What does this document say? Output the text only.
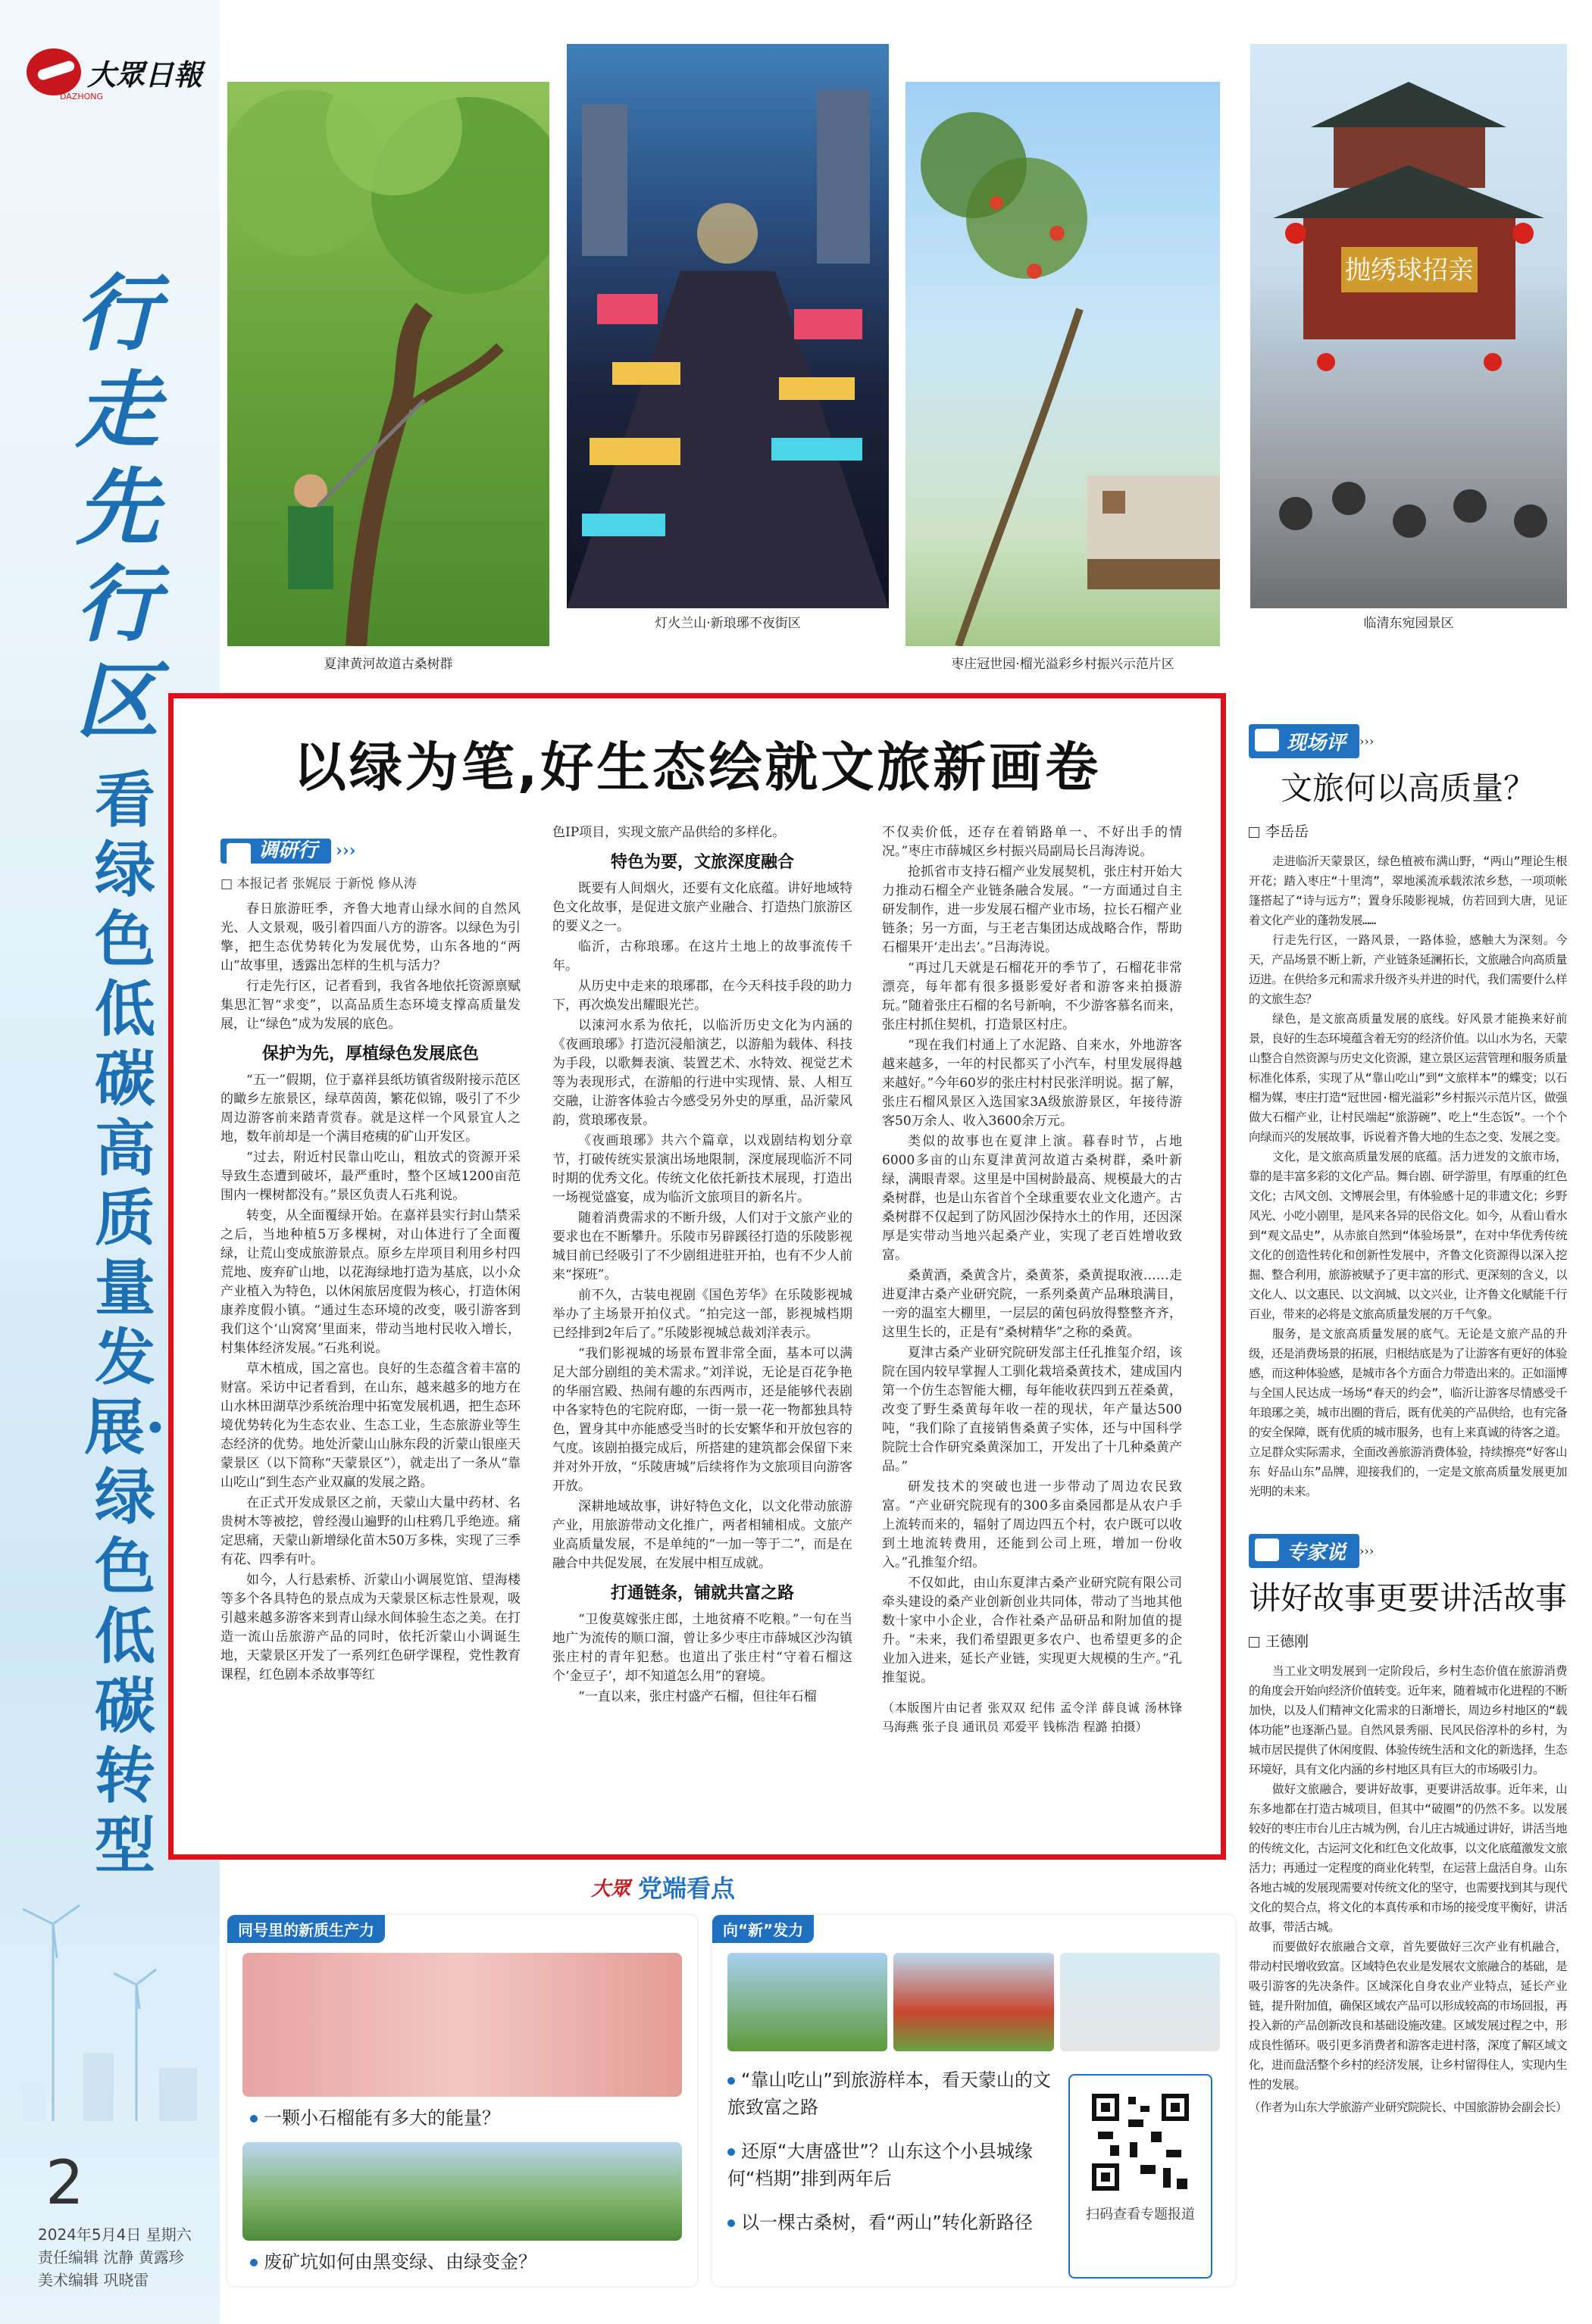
大眾日報
DAZHONG
行走先行区
看绿色低碳高质量发展·绿色低碳转型
2
2024年5月4日 星期六
责任编辑 沈静 黄露珍
美术编辑 巩晓雷
夏津黄河故道古桑树群
灯火兰山·新琅琊不夜街区
枣庄冠世园·榴光溢彩乡村振兴示范片区
抛绣球招亲
临清东宛园景区
以绿为笔,好生态绘就文旅新画卷
调研行	›››
□ 本报记者 张娓辰 于新悦 修从涛

春日旅游旺季，齐鲁大地青山绿水间的自然风光、人文景观，吸引着四面八方的游客。以绿色为引擎，把生态优势转化为发展优势，山东各地的“两山”故事里，透露出怎样的生机与活力？

行走先行区，记者看到，我省各地依托资源禀赋集思汇智“求变”，以高品质生态环境支撑高质量发展，让“绿色”成为发展的底色。

保护为先，厚植绿色发展底色

“五一”假期，位于嘉祥县纸坊镇省级附接示范区的瞰乡左旅景区，绿草茵茵，繁花似锦，吸引了不少周边游客前来踏青赏春。就是这样一个风景宜人之地，数年前却是一个满目疮痍的矿山开发区。

“过去，附近村民靠山吃山，粗放式的资源开采导致生态遭到破坏，最严重时，整个区域1200亩范围内一棵树都没有。”景区负责人石兆利说。

转变，从全面覆绿开始。在嘉祥县实行封山禁采之后，当地种植5万多棵树，对山体进行了全面覆绿，让荒山变成旅游景点。原乡左岸项目利用乡村四荒地、废弃矿山地，以花海绿地打造为基底，以小众产业植入为特色，以休闲旅居度假为核心，打造休闲康养度假小镇。“通过生态环境的改变，吸引游客到我们这个‘山窝窝’里面来，带动当地村民收入增长，村集体经济发展。”石兆利说。

草木植成，国之富也。良好的生态蕴含着丰富的财富。采访中记者看到，在山东，越来越多的地方在山水林田湖草沙系统治理中拓宽发展机遇，把生态环境优势转化为生态农业、生态工业，生态旅游业等生态经济的优势。地处沂蒙山山脉东段的沂蒙山银座天蒙景区（以下简称“天蒙景区”），就走出了一条从“靠山吃山”到生态产业双赢的发展之路。

在正式开发成景区之前，天蒙山大量中药材、名贵树木等被挖，曾经漫山遍野的山柱鸦几乎绝迹。痛定思痛，天蒙山新增绿化苗木50万多株，实现了三季有花、四季有叶。

如今，人行悬索桥、沂蒙山小调展览馆、望海楼等多个各具特色的景点成为天蒙景区标志性景观，吸引越来越多游客来到青山绿水间体验生态之美。在打造一流山岳旅游产品的同时，依托沂蒙山小调诞生地，天蒙景区开发了一系列红色研学课程，党性教育课程，红色剧本杀故事等红

色IP项目，实现文旅产品供给的多样化。

特色为要，文旅深度融合

既要有人间烟火，还要有文化底蕴。讲好地域特色文化故事，是促进文旅产业融合、打造热门旅游区的要义之一。

临沂，古称琅琊。在这片土地上的故事流传千年。

从历史中走来的琅琊郡，在今天科技手段的助力下，再次焕发出耀眼光芒。

以涑河水系为依托，以临沂历史文化为内涵的《夜画琅琊》打造沉浸船演艺，以游船为载体、科技为手段，以歌舞表演、装置艺术、水特效、视觉艺术等为表现形式，在游船的行进中实现情、景、人相互交融，让游客体验古今感受另外史的厚重，品沂蒙风韵，赏琅琊夜景。

《夜画琅琊》共六个篇章，以戏剧结构划分章节，打破传统实景演出场地限制，深度展现临沂不同时期的优秀文化。传统文化依托新技术展现，打造出一场视觉盛宴，成为临沂文旅项目的新名片。

随着消费需求的不断升级，人们对于文旅产业的要求也在不断攀升。乐陵市另辟蹊径打造的乐陵影视城目前已经吸引了不少剧组进驻开拍，也有不少人前来“探班”。

前不久，古装电视剧《国色芳华》在乐陵影视城举办了主场景开拍仪式。“拍完这一部，影视城档期已经排到2年后了。”乐陵影视城总裁刘洋表示。

“我们影视城的场景布置非常全面，基本可以满足大部分剧组的美术需求。”刘洋说，无论是百花争艳的华丽宫殿、热闹有趣的东西两市，还是能够代表剧中各家特色的宅院府邸，一街一景一花一物都独具特色，置身其中亦能感受当时的长安繁华和开放包容的气度。该剧拍摄完成后，所搭建的建筑都会保留下来并对外开放，“乐陵唐城”后续将作为文旅项目向游客开放。

深耕地域故事，讲好特色文化，以文化带动旅游产业，用旅游带动文化推广，两者相辅相成。文旅产业高质量发展，不是单纯的“一加一等于二”，而是在融合中共促发展，在发展中相互成就。

打通链条，铺就共富之路

“卫俊莫嫁张庄郎，土地贫瘠不吃粮。”一句在当地广为流传的顺口溜，曾让多少枣庄市薛城区沙沟镇张庄村的青年犯愁。也道出了张庄村“守着石榴这个‘金豆子’，却不知道怎么用”的窘境。

“一直以来，张庄村盛产石榴，但往年石榴

不仅卖价低，还存在着销路单一、不好出手的情况。”枣庄市薛城区乡村振兴局副局长吕海涛说。

抢抓省市支持石榴产业发展契机，张庄村开始大力推动石榴全产业链条融合发展。“一方面通过自主研发制作，进一步发展石榴产业市场，拉长石榴产业链条；另一方面，与王老吉集团达成战略合作，帮助石榴果开‘走出去’。”吕海涛说。

“再过几天就是石榴花开的季节了，石榴花非常漂亮，每年都有很多摄影爱好者和游客来拍摄游玩。”随着张庄石榴的名号新响，不少游客慕名而来，张庄村抓住契机，打造景区村庄。

“现在我们村通上了水泥路、自来水，外地游客越来越多，一年的村民都买了小汽车，村里发展得越来越好。”今年60岁的张庄村村民张洋明说。据了解，张庄石榴风景区入选国家3A级旅游景区，年接待游客50万余人、收入3600余万元。

类似的故事也在夏津上演。暮春时节，占地6000多亩的山东夏津黄河故道古桑树群，桑叶新绿，满眼青翠。这里是中国树龄最高、规模最大的古桑树群，也是山东省首个全球重要农业文化遗产。古桑树群不仅起到了防风固沙保持水土的作用，还因深厚是实带动当地兴起桑产业，实现了老百姓增收致富。

桑黄酒，桑黄含片，桑黄茶，桑黄提取液……走进夏津古桑产业研究院，一系列桑黄产品琳琅满目，一旁的温室大棚里，一层层的菌包码放得整整齐齐，这里生长的，正是有“桑树精华”之称的桑黄。

夏津古桑产业研究院研发部主任孔推玺介绍，该院在国内较早掌握人工驯化栽培桑黄技术，建成国内第一个仿生态智能大棚，每年能收获四到五茬桑黄，改变了野生桑黄每年收一茬的现状，年产量达500吨，“我们除了直接销售桑黄子实体，还与中国科学院院士合作研究桑黄深加工，开发出了十几种桑黄产品。”

研发技术的突破也进一步带动了周边农民致富。“产业研究院现有的300多亩桑园都是从农户手上流转而来的，辐射了周边四五个村，农户既可以收到土地流转费用，还能到公司上班，增加一份收入。”孔推玺介绍。

不仅如此，由山东夏津古桑产业研究院有限公司牵头建设的桑产业创新创业共同体，带动了当地其他数十家中小企业，合作社桑产品研品和附加值的提升。“未来，我们希望跟更多农户、也希望更多的企业加入进来，延长产业链，实现更大规模的生产。”孔推玺说。

（本版图片由记者 张双双 纪伟 孟令洋 薛良诚 汤林锋 马海燕 张子良 通讯员 邓爱平 钱栋浩 程潞 拍摄）

现场评	›››
文旅何以高质量？
李岳岳

走进临沂天蒙景区，绿色植被布满山野，“两山”理论生根开花；踏入枣庄“十里湾”，翠地溪流承载浓浓乡愁，一项项帐篷搭起了“诗与远方”；置身乐陵影视城，仿若回到大唐，见证着文化产业的蓬勃发展……

行走先行区，一路风景，一路体验，感触大为深刻。今天，产品场景不断上新，产业链条延澜拓长，文旅融合向高质量迈进。在供给多元和需求升级齐头并进的时代，我们需要什么样的文旅生态？

绿色，是文旅高质量发展的底线。好风景才能换来好前景，良好的生态环境蕴含着无穷的经济价值。以山水为名，天蒙山整合自然资源与历史文化资源，建立景区运营管理和服务质量标准化体系，实现了从“靠山吃山”到“文旅样本”的蝶变；以石榴为媒，枣庄打造“冠世园·榴光溢彩”乡村振兴示范片区，做强做大石榴产业，让村民端起“旅游碗”、吃上“生态饭”。一个个向绿而兴的发展故事，诉说着齐鲁大地的生态之变、发展之变。

文化，是文旅高质量发展的底蕴。活力迸发的文旅市场，靠的是丰富多彩的文化产品。舞台剧、研学游里，有厚重的红色文化；古风文创、文博展会里，有体验感十足的非遗文化；乡野风光、小吃小剧里，是风来各异的民俗文化。如今，从看山看水到“观文品史”，从赤旅自然到“体验场景”，在对中华优秀传统文化的创造性转化和创新性发展中，齐鲁文化资源得以深入挖掘、整合利用，旅游被赋予了更丰富的形式、更深刻的含义，以文化人、以文惠民、以文润城、以文兴业，让齐鲁文化赋能千行百业，带来的必将是文旅高质量发展的万千气象。

服务，是文旅高质量发展的底气。无论是文旅产品的升级，还是消费场景的拓展，归根结底是为了让游客有更好的体验感，而这种体验感，是城市各个方面合力带造出来的。正如淄博与全国人民达成一场场“春天的约会”，临沂让游客尽情感受千年琅琊之美，城市出圈的背后，既有优美的产品供给，也有完备的安全保障，既有优质的城市服务，也有上来真诚的待客之道。立足群众实际需求，全面改善旅游消费体验，持续擦亮“好客山东 好品山东”品牌，迎接我们的，一定是文旅高质量发展更加光明的未来。

专家说	›››
讲好故事更要讲活故事
王德刚

当工业文明发展到一定阶段后，乡村生态价值在旅游消费的角度会开始向经济价值转变。近年来，随着城市化进程的不断加快，以及人们精神文化需求的日渐增长，周边乡村地区的“载体功能”也逐渐凸显。自然风景秀丽、民风民俗淳朴的乡村，为城市居民提供了休闲度假、体验传统生活和文化的新选择，生态环境好，具有文化内涵的乡村地区具有巨大的市场吸引力。

做好文旅融合，要讲好故事，更要讲活故事。近年来，山东多地都在打造古城项目，但其中“破圈”的仍然不多。以发展较好的枣庄市台儿庄古城为例，台儿庄古城通过讲好，讲活当地的传统文化，古运河文化和红色文化故事，以文化底蕴激发文旅活力；再通过一定程度的商业化转型，在运营上盘活自身。山东各地古城的发展现需要对传统文化的坚守，也需要找到其与现代文化的契合点，将文化的本真传承和市场的接受度平衡好，讲活故事，带活古城。

而要做好农旅融合文章，首先要做好三次产业有机融合，带动村民增收致富。区域特色农业是发展农文旅融合的基础，是吸引游客的先决条件。区域深化自身农业产业特点，延长产业链，提升附加值，确保区域农产品可以形成较高的市场回报，再投入新的产品创新改良和基础设施改建。区域发展过程之中，形成良性循环。吸引更多消费者和游客走进村落，深度了解区域文化，进而盘活整个乡村的经济发展，让乡村留得住人，实现内生性的发展。

（作者为山东大学旅游产业研究院院长、中国旅游协会副会长）
大眾 党端看点
同号里的新质生产力
一颗小石榴能有多大的能量？
废矿坑如何由黑变绿、由绿变金？
向“新”发力
“靠山吃山”到旅游样本，看天蒙山的文旅致富之路
还原“大唐盛世”？山东这个小县城缘何“档期”排到两年后
以一棵古桑树，看“两山”转化新路径	扫码查看专题报道
